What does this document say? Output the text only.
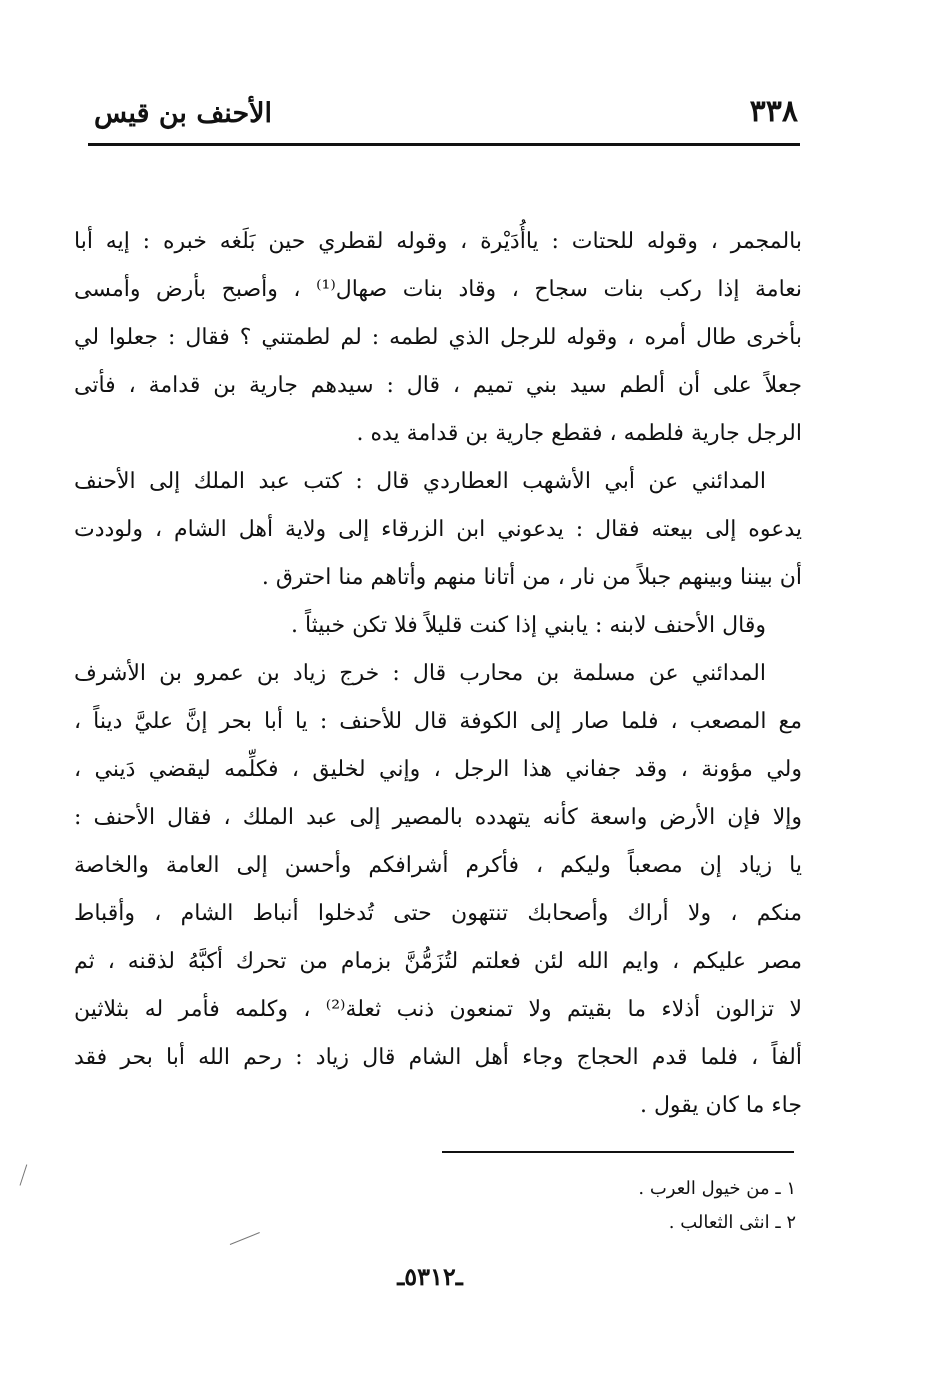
٣٣٨
الأحنف بن قيس
بالمجمر ، وقوله للحتات : ياأُدَيْرة ، وقوله لقطري حين بَلَغه خبره : إيه أبا
نعامة إذا ركب بنات سجاح ، وقاد بنات صهال⁽¹⁾ ، وأصبح بأرض وأمسى
بأخرى طال أمره ، وقوله للرجل الذي لطمه : لم لطمتني ؟ فقال : جعلوا لي
جعلاً على أن ألطم سيد بني تميم ، قال : سيدهم جارية بن قدامة ، فأتى
الرجل جارية فلطمه ، فقطع جارية بن قدامة يده .
المدائني عن أبي الأشهب العطاردي قال : كتب عبد الملك إلى الأحنف
يدعوه إلى بيعته فقال : يدعوني ابن الزرقاء إلى ولاية أهل الشام ، ولوددت
أن بيننا وبينهم جبلاً من نار ، من أتانا منهم وأتاهم منا احترق .
وقال الأحنف لابنه : يابني إذا كنت قليلاً فلا تكن خبيثاً .
المدائني عن مسلمة بن محارب قال : خرج زياد بن عمرو بن الأشرف
مع المصعب ، فلما صار إلى الكوفة قال للأحنف : يا أبا بحر إنَّ عليَّ ديناً ،
ولي مؤونة ، وقد جفاني هذا الرجل ، وإني لخليق ، فكلِّمه ليقضي دَيني ،
وإلا فإن الأرض واسعة كأنه يتهدده بالمصير إلى عبد الملك ، فقال الأحنف :
يا زياد إن مصعباً وليكم ، فأكرم أشرافكم وأحسن إلى العامة والخاصة
منكم ، ولا أراك وأصحابك تنتهون حتى تُدخلوا أنباط الشام ، وأقباط
مصر عليكم ، وايم الله لئن فعلتم لتُزَمُّنَّ بزمام من تحرك أكبَّهُ لذقنه ، ثم
لا تزالون أذلاء ما بقيتم ولا تمنعون ذنب ثعلة⁽²⁾ ، وكلمه فأمر له بثلاثين
ألفاً ، فلما قدم الحجاج وجاء أهل الشام قال زياد : رحم الله أبا بحر فقد
جاء ما كان يقول .
١ ـ من خيول العرب .
٢ ـ انثى الثعالب .
ـ٥٣١٢ـ
